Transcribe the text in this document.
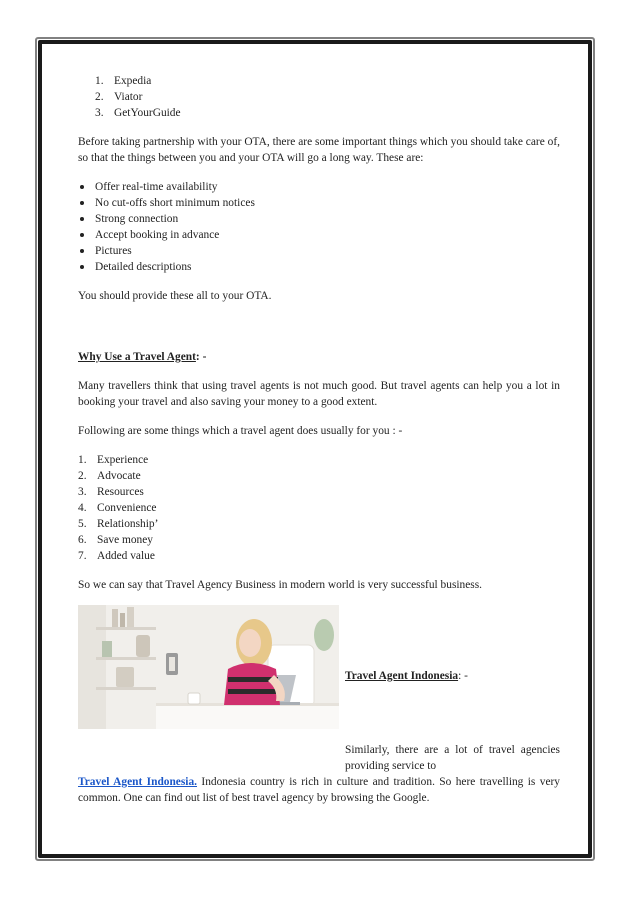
1. Expedia
2. Viator
3. GetYourGuide

Before taking partnership with your OTA, there are some important things which you should take care of, so that the things between you and your OTA will go a long way. These are:

Offer real-time availability
No cut-offs short minimum notices
Strong connection
Accept booking in advance
Pictures
Detailed descriptions

You should provide these all to your OTA.

Why Use a Travel Agent: -

Many travellers think that using travel agents is not much good. But travel agents can help you a lot in booking your travel and also saving your money to a good extent.

Following are some things which a travel agent does usually for you : -

1. Experience
2. Advocate
3. Resources
4. Convenience
5. Relationship’
6. Save money
7. Added value

So we can say that Travel Agency Business in modern world is very successful business.

Travel Agent Indonesia: -

Similarly, there are a lot of travel agencies providing service to

Travel Agent Indonesia. Indonesia country is rich in culture and tradition. So here travelling is very common. One can find out list of best travel agency by browsing the Google.
